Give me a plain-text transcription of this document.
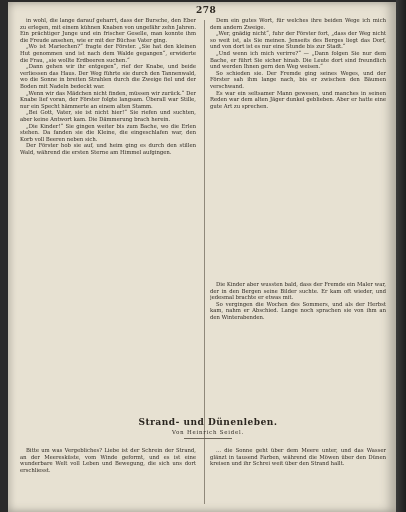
278

in wohl, die lange darauf geharrt, dass der Bursche, den Eber zu erlegen, mit einem kühnen Knaben von ungefähr zehn Jahren. Ein prächtiger Junge und ein frischer Geselle, man konnte ihm die Freude ansehen, wie er mit der Büchse Vater ging.

„Wo ist Mariechen?“ fragte der Förster. „Sie hat den kleinen Hut genommen und ist nach dem Walde gegangen“, erwiderte die Frau, „sie wollte Erdbeeren suchen.“

„Dann gehen wir ihr entgegen“, rief der Knabe, und beide verliessen das Haus. Der Weg führte sie durch den Tannenwald, wo die Sonne in breiten Strahlen durch die Zweige fiel und der Boden mit Nadeln bedeckt war.

„Wenn wir das Mädchen nicht finden, müssen wir zurück.“ Der Knabe lief voran, der Förster folgte langsam. Überall war Stille, nur ein Specht hämmerte an einem alten Stamm.

„Bei Gott, Vater, sie ist nicht hier!“ Sie riefen und suchten, aber keine Antwort kam. Die Dämmerung brach herein.

„Die Kinder!“ Sie gingen weiter bis zum Bache, wo die Erlen stehen. Da fanden sie die Kleine, die eingeschlafen war, den Korb voll Beeren neben sich.

Der Förster hob sie auf, und heim ging es durch den stillen Wald, während die ersten Sterne am Himmel aufgingen.

Dem ein gutes Wort, für welches ihre beiden Wege ich mich dem andern Zweige.

„Wer, gnädig nicht“, fuhr der Förster fort, „dass der Weg nicht so weit ist, als Sie meinen. Jenseits des Berges liegt das Dorf, und von dort ist es nur eine Stunde bis zur Stadt.“

„Und wenn ich mich verirre?“ — „Dann folgen Sie nur dem Bache, er führt Sie sicher hinab. Die Leute dort sind freundlich und werden Ihnen gern den Weg weisen.“

So schieden sie. Der Fremde ging seines Weges, und der Förster sah ihm lange nach, bis er zwischen den Bäumen verschwand.

Es war ein seltsamer Mann gewesen, und manches in seinen Reden war dem alten Jäger dunkel geblieben. Aber er hatte eine gute Art zu sprechen.

Die Kinder aber wussten bald, dass der Fremde ein Maler war, der in den Bergen seine Bilder suchte. Er kam oft wieder, und jedesmal brachte er etwas mit.

So vergingen die Wochen des Sommers, und als der Herbst kam, nahm er Abschied. Lange noch sprachen sie von ihm an den Winterabenden.

Strand- und Dünenleben.
Von Heinrich Seidel.

Bitte um was Vergebliches? Liebe ist der Schrein der Strand, an der Meeresküste, vom Winde geformt, und es ist eine wunderbare Welt voll Leben und Bewegung, die sich uns dort erschliesst.

... die Sonne geht über dem Meere unter, und das Wasser glänzt in tausend Farben, während die Möwen über den Dünen kreisen und ihr Schrei weit über den Strand hallt.
